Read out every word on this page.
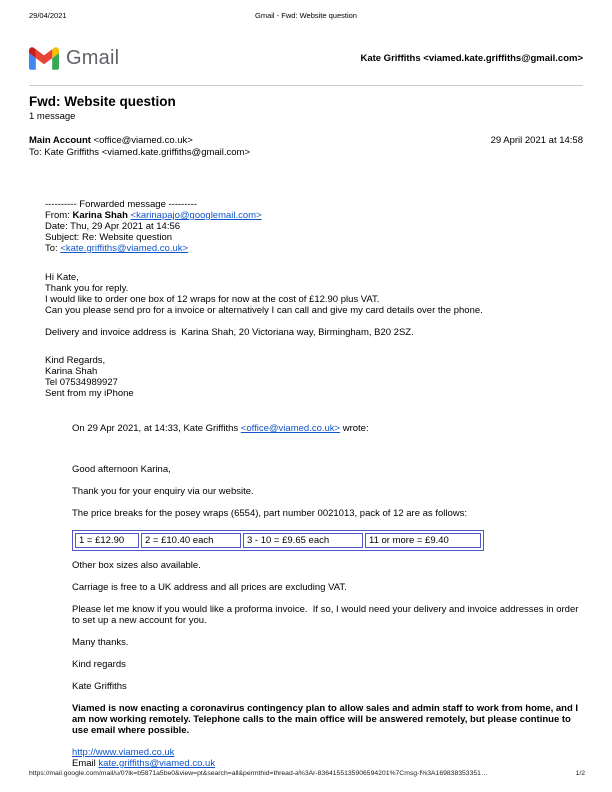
29/04/2021	Gmail - Fwd: Website question
Gmail	Kate Griffiths <viamed.kate.griffiths@gmail.com>
Fwd: Website question
1 message
Main Account <office@viamed.co.uk>	29 April 2021 at 14:58
To: Kate Griffiths <viamed.kate.griffiths@gmail.com>
---------- Forwarded message ---------
From: Karina Shah <karinapajo@googlemail.com>
Date: Thu, 29 Apr 2021 at 14:56
Subject: Re: Website question
To: <kate.griffiths@viamed.co.uk>
Hi Kate,
Thank you for reply.
I would like to order one box of 12 wraps for now at the cost of £12.90 plus VAT.
Can you please send pro for a invoice or alternatively I can call and give my card details over the phone.
Delivery and invoice address is  Karina Shah, 20 Victoriana way, Birmingham, B20 2SZ.
Kind Regards,
Karina Shah
Tel 07534989927
Sent from my iPhone
On 29 Apr 2021, at 14:33, Kate Griffiths <office@viamed.co.uk> wrote:

Good afternoon Karina,

Thank you for your enquiry via our website.

The price breaks for the posey wraps (6554), part number 0021013, pack of 12 are as follows:

1 = £12.90	2 = £10.40 each	3 - 10 = £9.65 each	11 or more = £9.40

Other box sizes also available.

Carriage is free to a UK address and all prices are excluding VAT.

Please let me know if you would like a proforma invoice.  If so, I would need your delivery and invoice addresses in order to set up a new account for you.

Many thanks.

Kind regards

Kate Griffiths

Viamed is now enacting a coronavirus contingency plan to allow sales and admin staff to work from home, and I am now working remotely. Telephone calls to the main office will be answered remotely, but please continue to use email where possible.

http://www.viamed.co.uk

Email kate.griffiths@viamed.co.uk

https://mail.google.com/mail/u/0?ik=b5871a5be0&view=pt&search=all&permthid=thread-a%3Ar-8364155135906594201%7Cmsg-f%3A169838353351…	1/2
